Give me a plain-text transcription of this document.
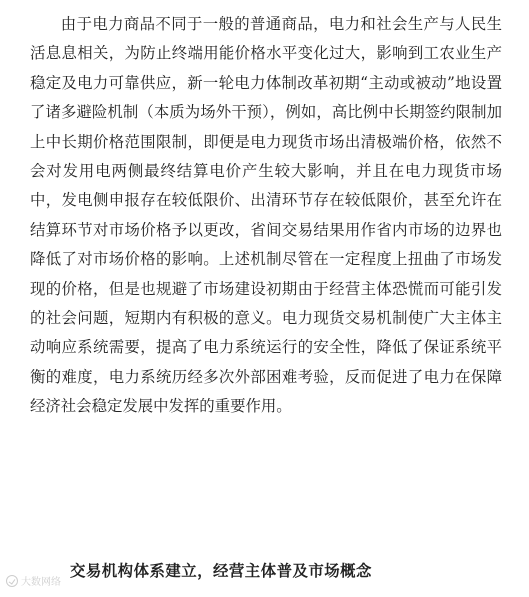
由于电力商品不同于一般的普通商品，电力和社会生产与人民生活息息相关，为防止终端用能价格水平变化过大，影响到工农业生产稳定及电力可靠供应，新一轮电力体制改革初期“主动或被动”地设置了诸多避险机制（本质为场外干预），例如，高比例中长期签约限制加上中长期价格范围限制，即便是电力现货市场出清极端价格，依然不会对发用电两侧最终结算电价产生较大影响，并且在电力现货市场中，发电侧申报存在较低限价、出清环节存在较低限价，甚至允许在结算环节对市场价格予以更改，省间交易结果用作省内市场的边界也降低了对市场价格的影响。上述机制尽管在一定程度上扭曲了市场发现的价格，但是也规避了市场建设初期由于经营主体恐慌而可能引发的社会问题，短期内有积极的意义。电力现货交易机制使广大主体主动响应系统需要，提高了电力系统运行的安全性，降低了保证系统平衡的难度，电力系统历经多次外部困难考验，反而促进了电力在保障经济社会稳定发展中发挥的重要作用。

大数网络
交易机构体系建立，经营主体普及市场概念
